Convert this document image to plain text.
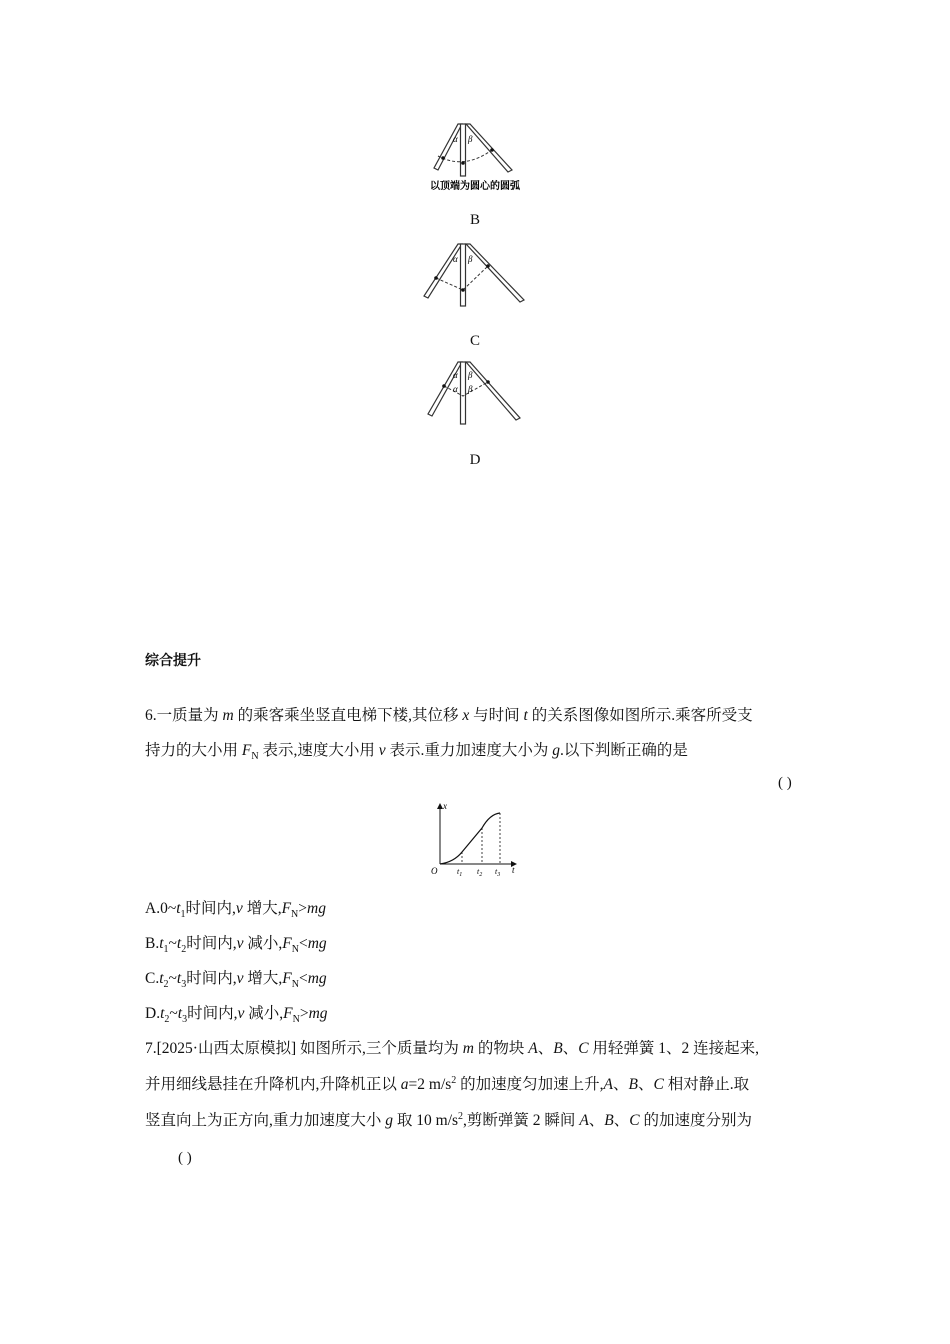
α β
以顶端为圆心的圆弧
B
α β
C
α β
α β
D
综合提升
6.一质量为 m 的乘客乘坐竖直电梯下楼,其位移 x 与时间 t 的关系图像如图所示.乘客所受支
持力的大小用 $F_N$ 表示,速度大小用 v 表示.重力加速度大小为 g.以下判断正确的是
( )
x
t
O $t_1$ $t_2$ $t_3$
$A.0\sim t_1$时间内,v 增大$,F_N>mg$
$B.t_1\sim t_2$时间内,v 减小$,F_N<mg$
$C.t_2\sim t_3$时间内,v 增大$,F_N<mg$
$D.t_2\sim t_3$时间内,v 减小$,F_N>mg$
7.[2025·山西太原模拟] 如图所示,三个质量均为 m 的物块 A、B、C 用轻弹簧 1、2 连接起来,
并用细线悬挂在升降机内,升降机正以 a=2 $m/s^2$ 的加速度匀加速上升,A、B、C 相对静止.取
竖直向上为正方向,重力加速度大小 g 取 10 $m/s^2$,剪断弹簧 2 瞬间 A、B、C 的加速度分别为
( )
